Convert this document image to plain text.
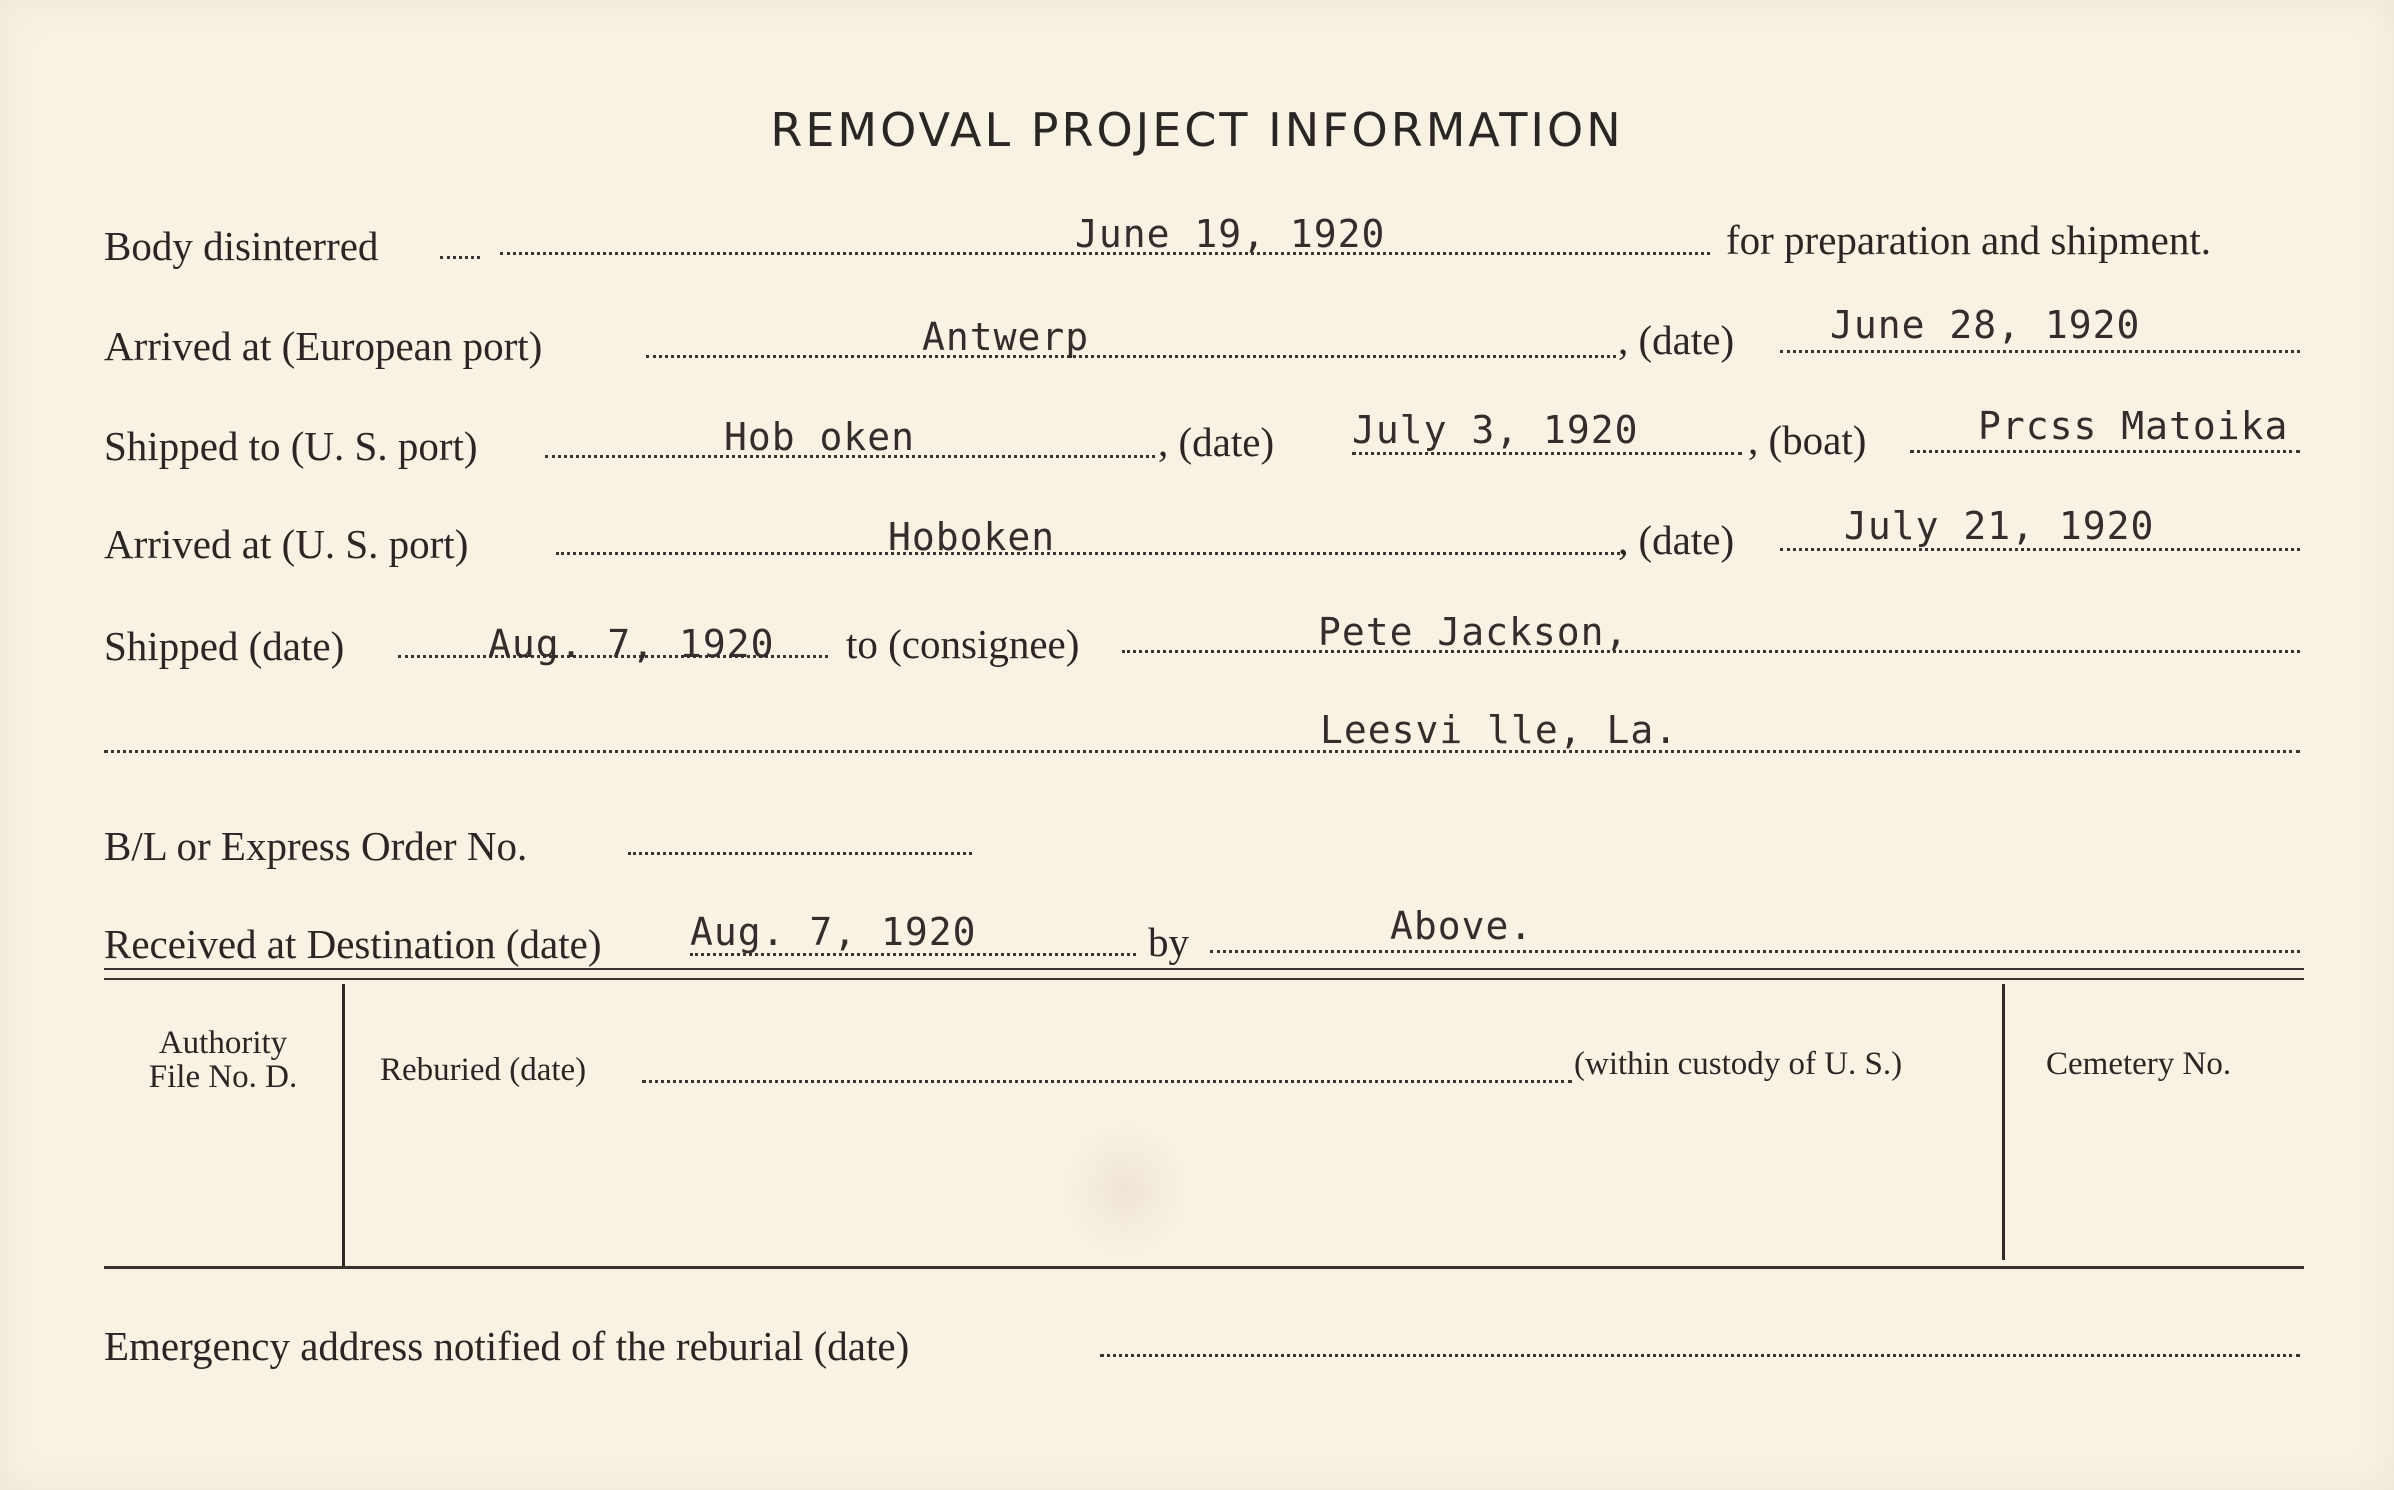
REMOVAL PROJECT INFORMATION
Body disinterred	June 19, 1920	for preparation and shipment.
Arrived at (European port)	Antwerp	, (date)	June 28, 1920
Shipped to (U. S. port)	Hob oken	, (date) July 3, 1920	, (boat)	Prcss Matoika
Arrived at (U. S. port)	Hoboken	, (date)	July 21, 1920
Shipped (date)	Aug. 7, 1920 to (consignee)	Pete Jackson,
Leesvi lle, La.
B/L or Express Order No.
Received at Destination (date) Aug. 7, 1920	by	Above.
Authority
File No. D.	Reburied (date)	(within custody of U. S.)	Cemetery No.
Emergency address notified of the reburial (date)
